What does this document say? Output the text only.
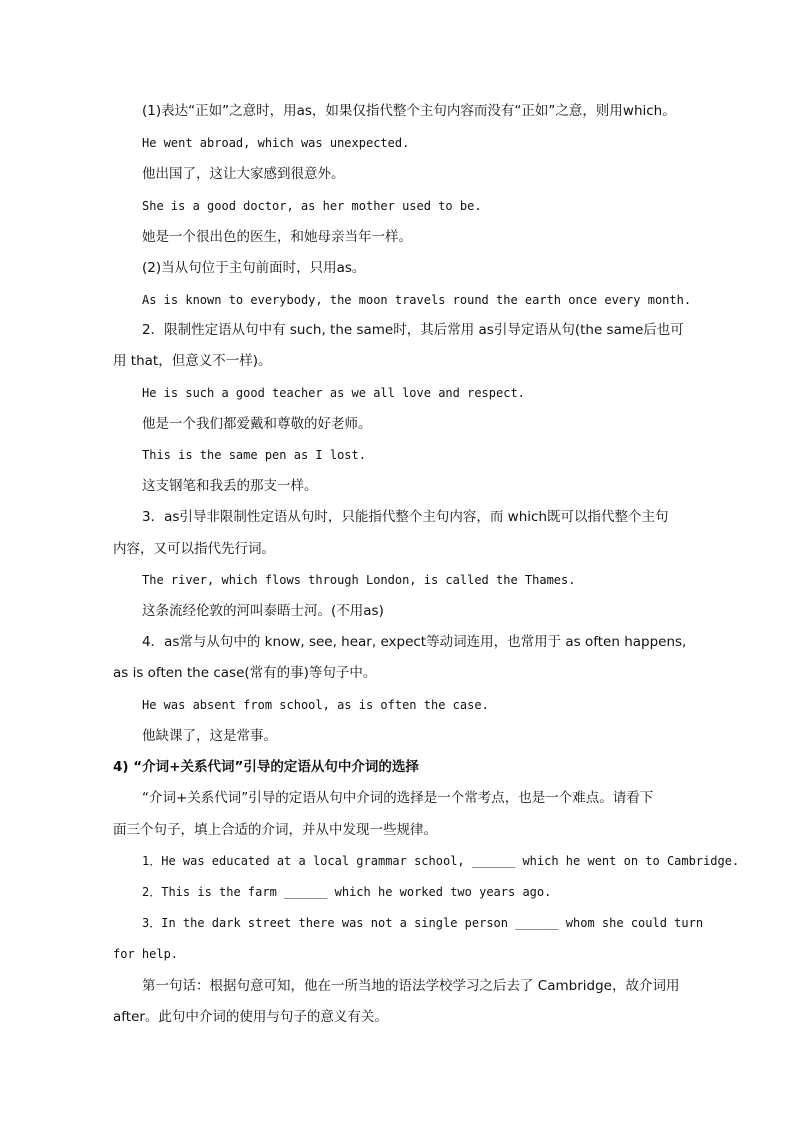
(1)表达“正如”之意时，用as，如果仅指代整个主句内容而没有“正如”之意，则用which。
He went abroad, which was unexpected.
他出国了，这让大家感到很意外。
She is a good doctor, as her mother used to be.
她是一个很出色的医生，和她母亲当年一样。
(2)当从句位于主句前面时，只用as。
As is known to everybody, the moon travels round the earth once every month.
2．限制性定语从句中有 such, the same时，其后常用 as引导定语从句(the same后也可
用 that，但意义不一样)。
He is such a good teacher as we all love and respect.
他是一个我们都爱戴和尊敬的好老师。
This is the same pen as I lost.
这支钢笔和我丢的那支一样。
3．as引导非限制性定语从句时，只能指代整个主句内容，而 which既可以指代整个主句
内容，又可以指代先行词。
The river, which flows through London, is called the Thames.
这条流经伦敦的河叫泰晤士河。(不用as)
4．as常与从句中的 know, see, hear, expect等动词连用，也常用于 as often happens,
as is often the case(常有的事)等句子中。
He was absent from school, as is often the case.
他缺课了，这是常事。
4) “介词+关系代词”引导的定语从句中介词的选择
“介词+关系代词”引导的定语从句中介词的选择是一个常考点，也是一个难点。请看下
面三个句子，填上合适的介词，并从中发现一些规律。
1．He was educated at a local grammar school, ______ which he went on to Cambridge.
2．This is the farm ______ which he worked two years ago.
3．In the dark street there was not a single person ______ whom she could turn
for help.
第一句话：根据句意可知，他在一所当地的语法学校学习之后去了 Cambridge，故介词用
after。此句中介词的使用与句子的意义有关。
